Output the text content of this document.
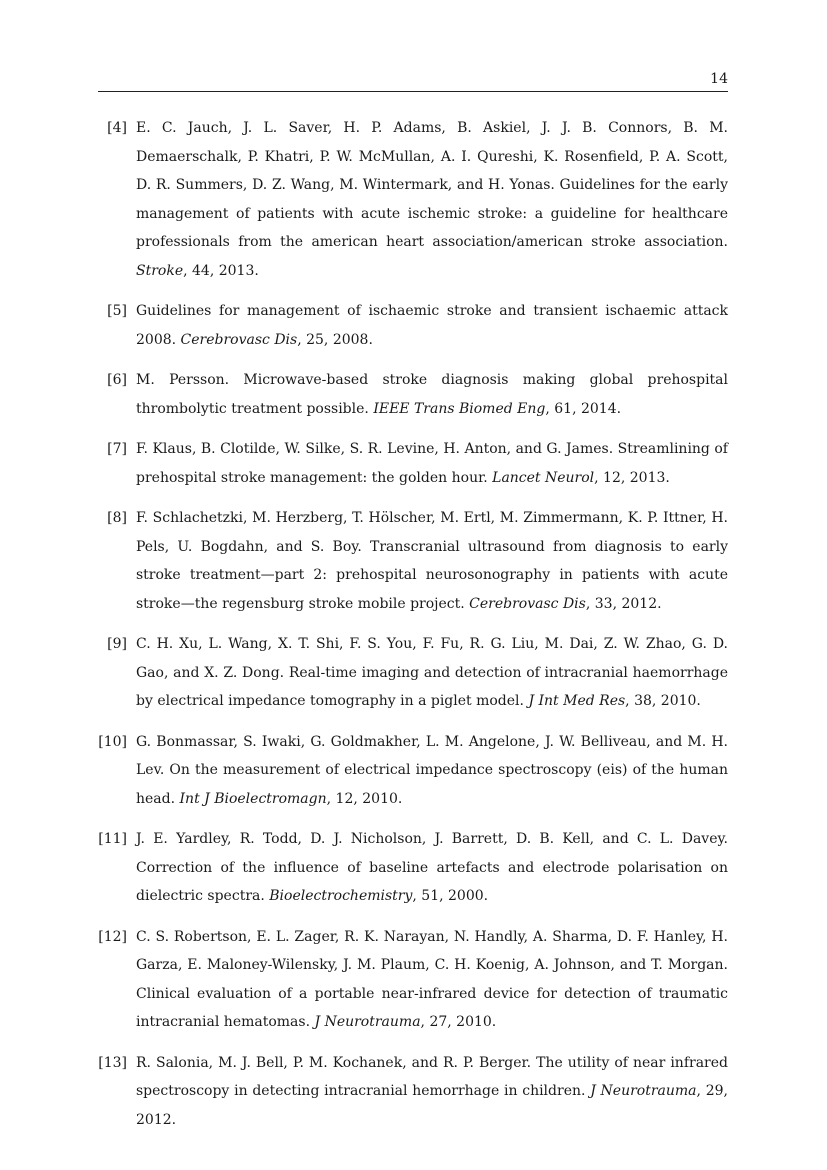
14
[4] E. C. Jauch, J. L. Saver, H. P. Adams, B. Askiel, J. J. B. Connors, B. M. Demaerschalk, P. Khatri, P. W. McMullan, A. I. Qureshi, K. Rosenfield, P. A. Scott, D. R. Summers, D. Z. Wang, M. Wintermark, and H. Yonas. Guidelines for the early management of patients with acute ischemic stroke: a guideline for healthcare professionals from the american heart association/american stroke association. Stroke, 44, 2013.
[5] Guidelines for management of ischaemic stroke and transient ischaemic attack 2008. Cerebrovasc Dis, 25, 2008.
[6] M. Persson. Microwave-based stroke diagnosis making global prehospital thrombolytic treatment possible. IEEE Trans Biomed Eng, 61, 2014.
[7] F. Klaus, B. Clotilde, W. Silke, S. R. Levine, H. Anton, and G. James. Streamlining of prehospital stroke management: the golden hour. Lancet Neurol, 12, 2013.
[8] F. Schlachetzki, M. Herzberg, T. Hölscher, M. Ertl, M. Zimmermann, K. P. Ittner, H. Pels, U. Bogdahn, and S. Boy. Transcranial ultrasound from diagnosis to early stroke treatment—part 2: prehospital neurosonography in patients with acute stroke—the regensburg stroke mobile project. Cerebrovasc Dis, 33, 2012.
[9] C. H. Xu, L. Wang, X. T. Shi, F. S. You, F. Fu, R. G. Liu, M. Dai, Z. W. Zhao, G. D. Gao, and X. Z. Dong. Real-time imaging and detection of intracranial haemorrhage by electrical impedance tomography in a piglet model. J Int Med Res, 38, 2010.
[10] G. Bonmassar, S. Iwaki, G. Goldmakher, L. M. Angelone, J. W. Belliveau, and M. H. Lev. On the measurement of electrical impedance spectroscopy (eis) of the human head. Int J Bioelectromagn, 12, 2010.
[11] J. E. Yardley, R. Todd, D. J. Nicholson, J. Barrett, D. B. Kell, and C. L. Davey. Correction of the influence of baseline artefacts and electrode polarisation on dielectric spectra. Bioelectrochemistry, 51, 2000.
[12] C. S. Robertson, E. L. Zager, R. K. Narayan, N. Handly, A. Sharma, D. F. Hanley, H. Garza, E. Maloney-Wilensky, J. M. Plaum, C. H. Koenig, A. Johnson, and T. Morgan. Clinical evaluation of a portable near-infrared device for detection of traumatic intracranial hematomas. J Neurotrauma, 27, 2010.
[13] R. Salonia, M. J. Bell, P. M. Kochanek, and R. P. Berger. The utility of near infrared spectroscopy in detecting intracranial hemorrhage in children. J Neurotrauma, 29, 2012.
